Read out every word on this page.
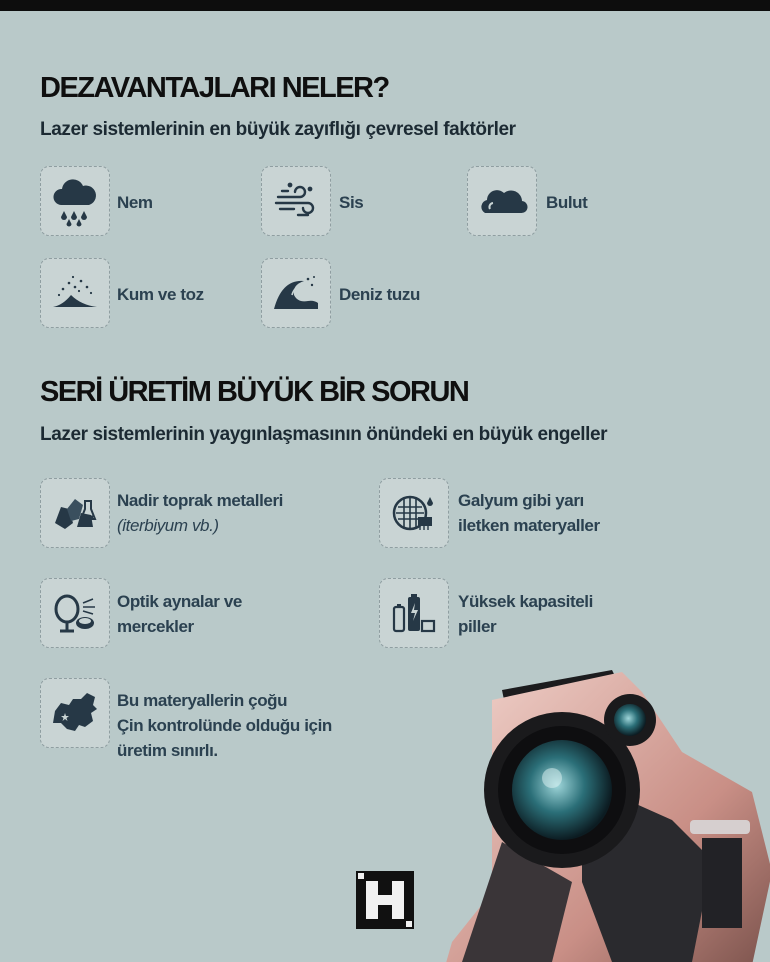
DEZAVANTAJLARI NELER?

Lazer sistemlerinin en büyük zayıflığı çevresel faktörler

Nem	Sis	Bulut
Kum ve toz	Deniz tuzu
SERİ ÜRETİM BÜYÜK BİR SORUN

Lazer sistemlerinin yaygınlaşmasının önündeki en büyük engeller

Nadir toprak metalleri
(iterbiyum vb.)
Galyum gibi yarı
iletken materyaller
Optik aynalar ve
mercekler
Yüksek kapasiteli
piller
Bu materyallerin çoğu
Çin kontrolünde olduğu için
üretim sınırlı.
